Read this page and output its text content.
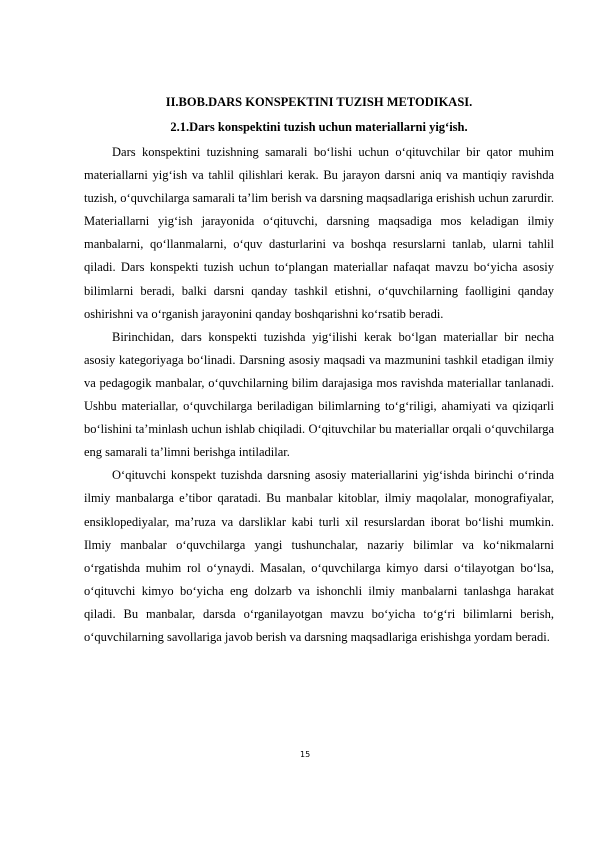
II.BOB.DARS KONSPEKTINI TUZISH METODIKASI.
2.1.Dars konspektini tuzish uchun materiallarni yig‘ish.

Dars konspektini tuzishning samarali bo‘lishi uchun o‘qituvchilar bir qator muhim materiallarni yig‘ish va tahlil qilishlari kerak. Bu jarayon darsni aniq va mantiqiy ravishda tuzish, o‘quvchilarga samarali ta’lim berish va darsning maqsadlariga erishish uchun zarurdir. Materiallarni yig‘ish jarayonida o‘qituvchi, darsning maqsadiga mos keladigan ilmiy manbalarni, qo‘llanmalarni, o‘quv dasturlarini va boshqa resurslarni tanlab, ularni tahlil qiladi. Dars konspekti tuzish uchun to‘plangan materiallar nafaqat mavzu bo‘yicha asosiy bilimlarni beradi, balki darsni qanday tashkil etishni, o‘quvchilarning faolligini qanday oshirishni va o‘rganish jarayonini qanday boshqarishni ko‘rsatib beradi.

Birinchidan, dars konspekti tuzishda yig‘ilishi kerak bo‘lgan materiallar bir necha asosiy kategoriyaga bo‘linadi. Darsning asosiy maqsadi va mazmunini tashkil etadigan ilmiy va pedagogik manbalar, o‘quvchilarning bilim darajasiga mos ravishda materiallar tanlanadi. Ushbu materiallar, o‘quvchilarga beriladigan bilimlarning to‘g‘riligi, ahamiyati va qiziqarli bo‘lishini ta’minlash uchun ishlab chiqiladi. O‘qituvchilar bu materiallar orqali o‘quvchilarga eng samarali ta’limni berishga intiladilar.

O‘qituvchi konspekt tuzishda darsning asosiy materiallarini yig‘ishda birinchi o‘rinda ilmiy manbalarga e’tibor qaratadi. Bu manbalar kitoblar, ilmiy maqolalar, monografiyalar, ensiklopediyalar, ma’ruza va darsliklar kabi turli xil resurslardan iborat bo‘lishi mumkin. Ilmiy manbalar o‘quvchilarga yangi tushunchalar, nazariy bilimlar va ko‘nikmalarni o‘rgatishda muhim rol o‘ynaydi. Masalan, o‘quvchilarga kimyo darsi o‘tilayotgan bo‘lsa, o‘qituvchi kimyo bo‘yicha eng dolzarb va ishonchli ilmiy manbalarni tanlashga harakat qiladi. Bu manbalar, darsda o‘rganilayotgan mavzu bo‘yicha to‘g‘ri bilimlarni berish, o‘quvchilarning savollariga javob berish va darsning maqsadlariga erishishga yordam beradi.

15
